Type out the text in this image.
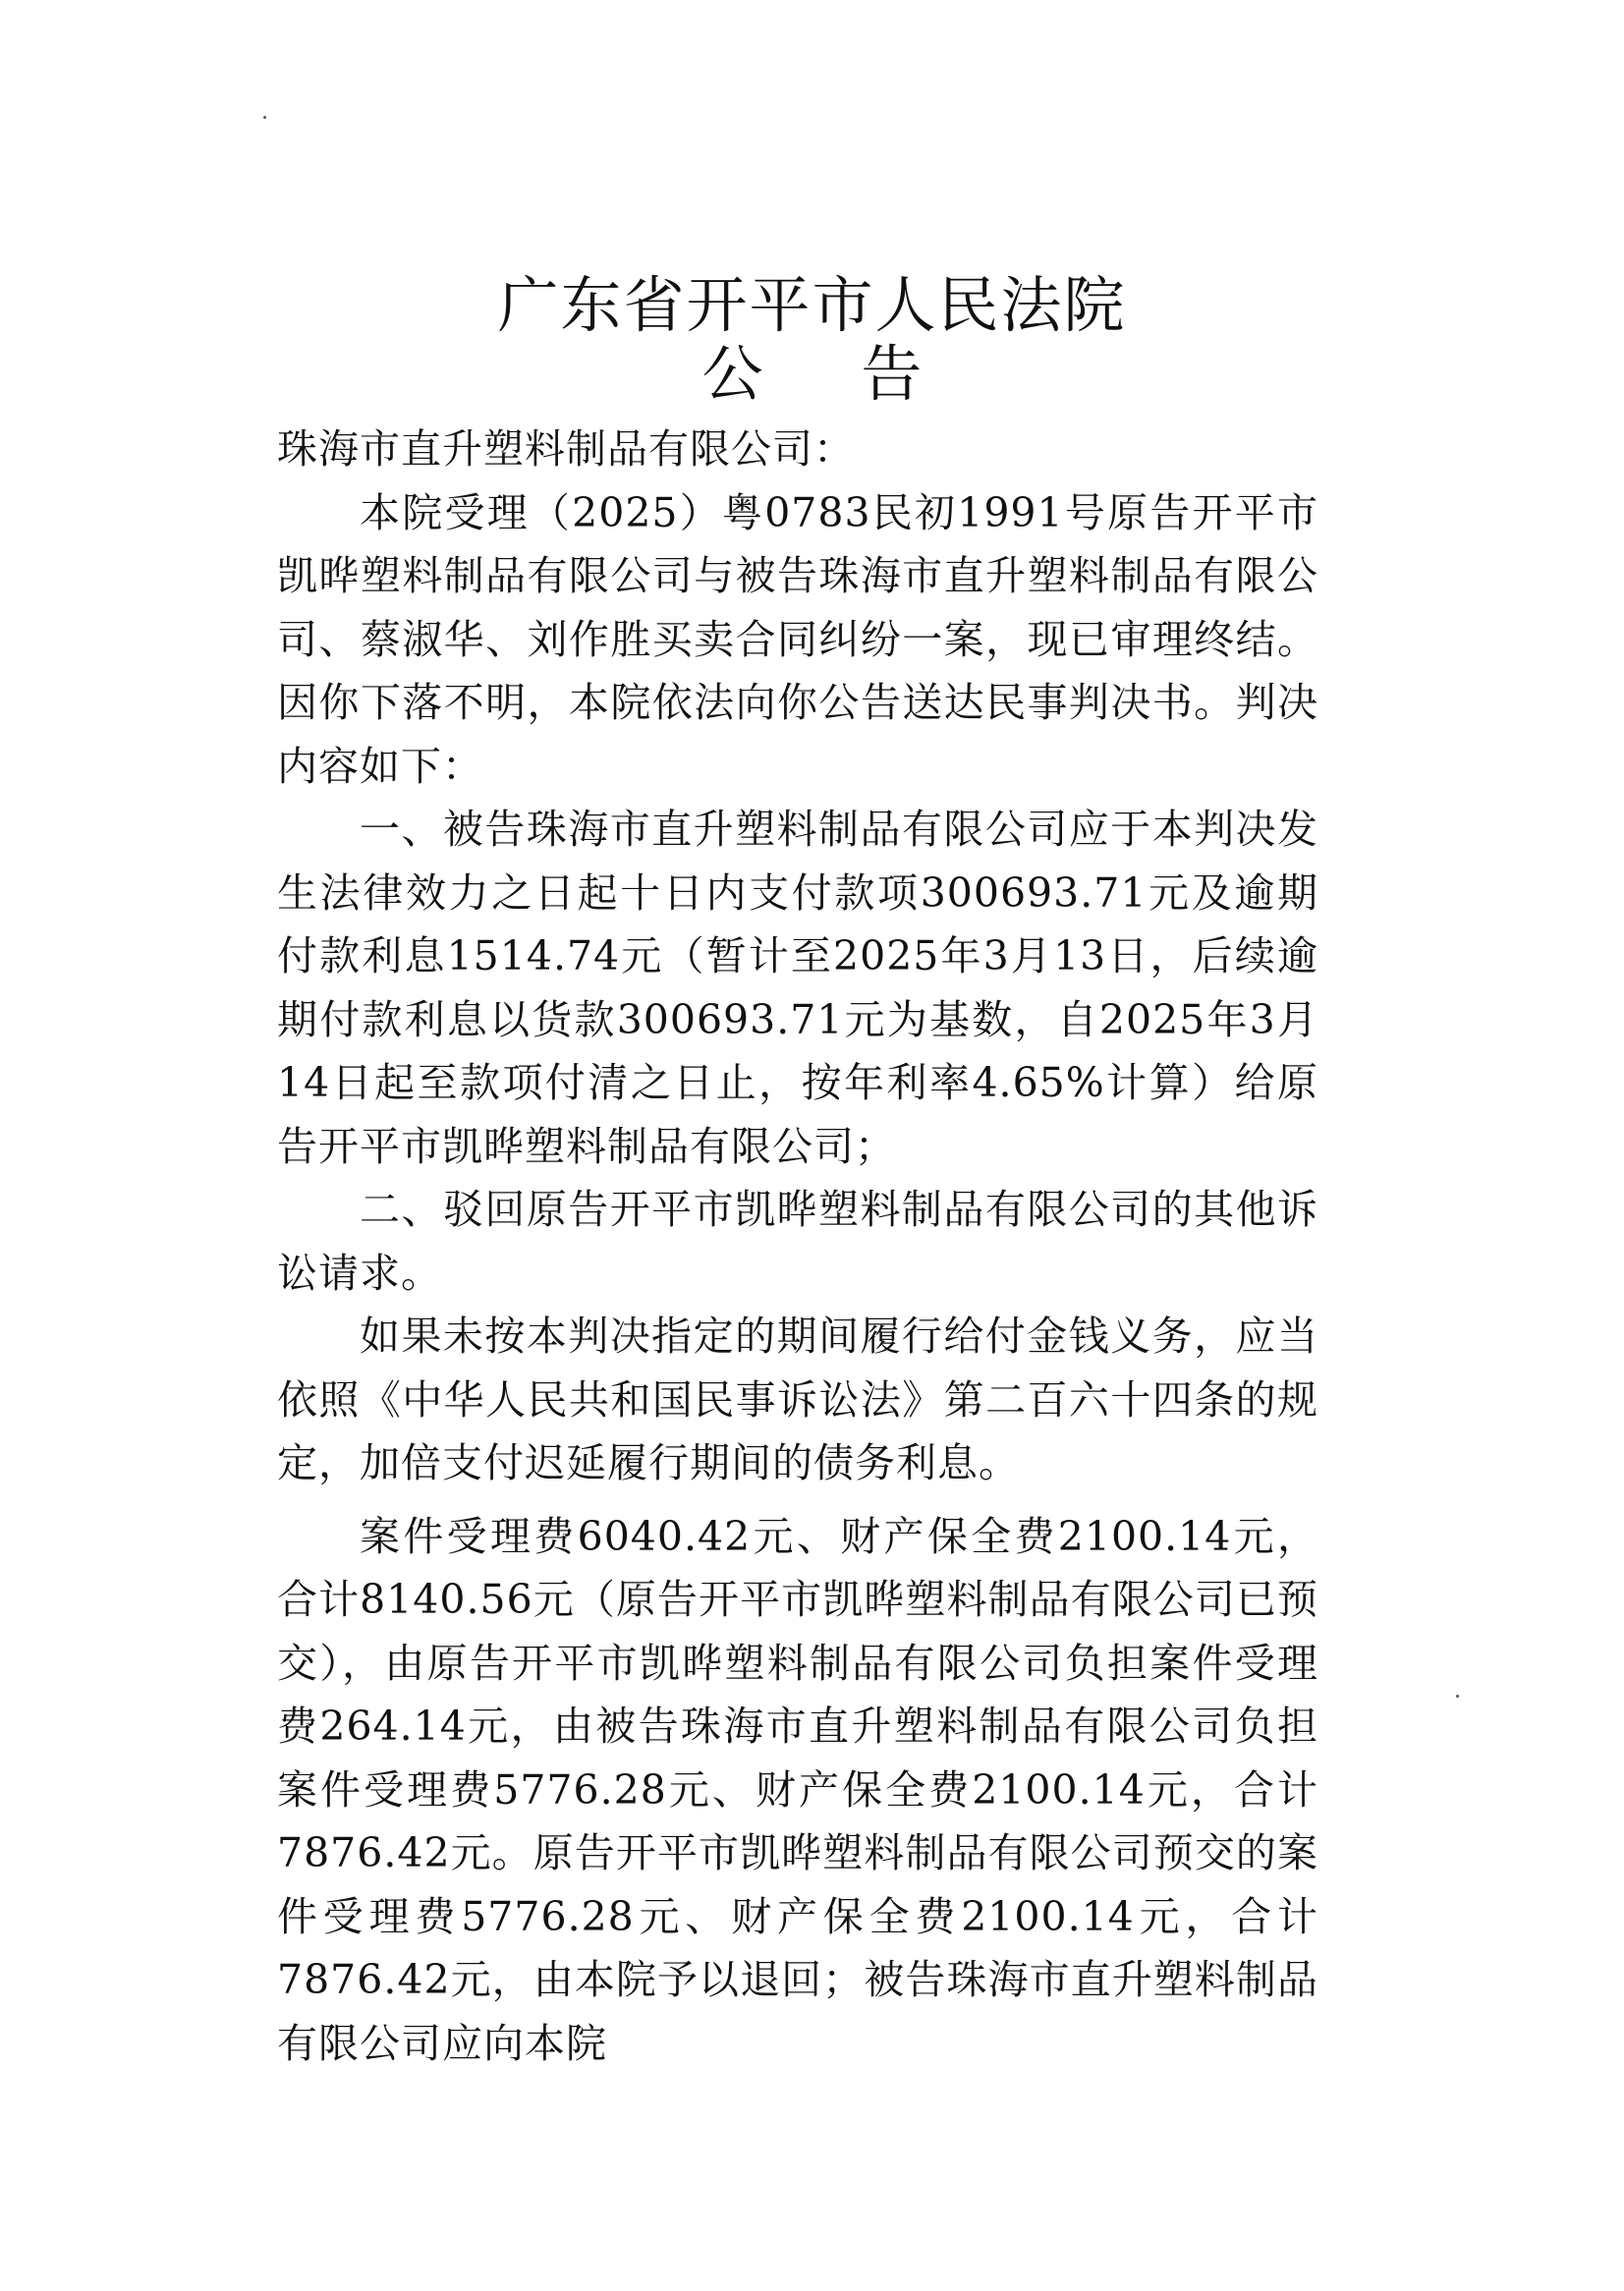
广东省开平市人民法院
公 告

珠海市直升塑料制品有限公司：

本院受理（2025）粤0783民初1991号原告开平市凯晔塑料制品有限公司与被告珠海市直升塑料制品有限公司、蔡淑华、刘作胜买卖合同纠纷一案，现已审理终结。因你下落不明，本院依法向你公告送达民事判决书。判决内容如下：

一、被告珠海市直升塑料制品有限公司应于本判决发生法律效力之日起十日内支付款项300693.71元及逾期付款利息1514.74元（暂计至2025年3月13日，后续逾期付款利息以货款300693.71元为基数，自2025年3月14日起至款项付清之日止，按年利率4.65%计算）给原告开平市凯晔塑料制品有限公司；

二、驳回原告开平市凯晔塑料制品有限公司的其他诉讼请求。

如果未按本判决指定的期间履行给付金钱义务，应当依照《中华人民共和国民事诉讼法》第二百六十四条的规定，加倍支付迟延履行期间的债务利息。

案件受理费6040.42元、财产保全费2100.14元，合计8140.56元（原告开平市凯晔塑料制品有限公司已预交），由原告开平市凯晔塑料制品有限公司负担案件受理费264.14元，由被告珠海市直升塑料制品有限公司负担案件受理费5776.28元、财产保全费2100.14元，合计7876.42元。原告开平市凯晔塑料制品有限公司预交的案件受理费5776.28元、财产保全费2100.14元，合计7876.42元，由本院予以退回；被告珠海市直升塑料制品有限公司应向本院
